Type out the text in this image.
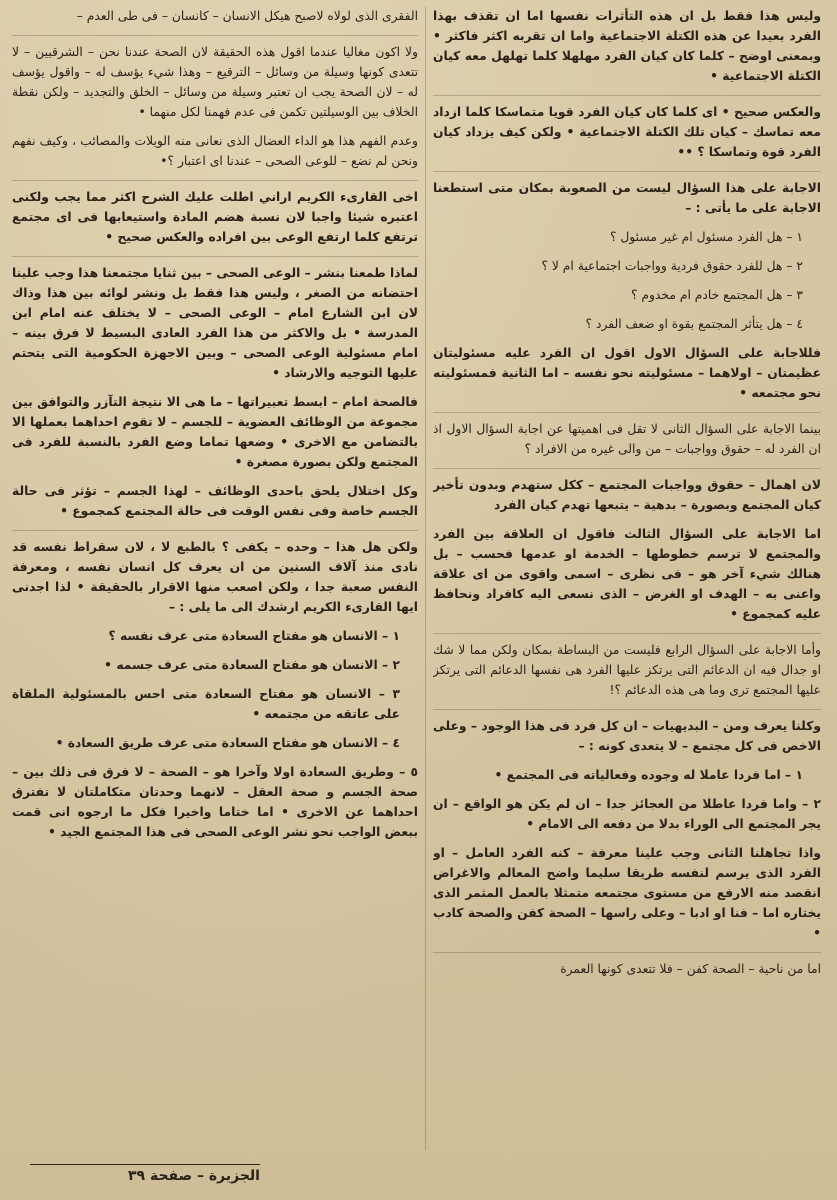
وليس هذا فقط بل ان هذه التأثرات نفسها اما ان تقذف بهذا الفرد بعيدا عن هذه الكتلة الاجتماعية واما ان تقربه اكثر فاكثر • وبمعنى اوضح – كلما كان كيان الفرد مهلهلا كلما تهلهل معه كيان الكتلة الاجتماعية •

والعكس صحيح • اى كلما كان كيان الفرد قويا متماسكا كلما ازداد معه تماسك – كيان تلك الكتلة الاجتماعية • ولكن كيف يزداد كيان الفرد قوة وتماسكا ؟ ••

الاجابة على هذا السؤال ليست من الصعوبة بمكان متى استطعنا الاجابة على ما يأتى : –

١ – هل الفرد مسئول ام غير مسئول ؟

٢ – هل للفرد حقوق فردية وواجبات اجتماعية ام لا ؟

٣ – هل المجتمع خادم ام مخدوم ؟

٤ – هل يتأثر المجتمع بقوة او ضعف الفرد ؟

فللاجابة على السؤال الاول اقول ان الفرد عليه مسئوليتان عظيمتان – اولاهما – مسئوليته نحو نفسه – اما الثانية فمسئوليته نحو مجتمعه •

بينما الاجابة على السؤال الثانى لا تقل فى اهميتها عن اجابة السؤال الاول اذ ان الفرد له – حقوق وواجبات – من والى غيره من الافراد ؟

لان اهمال – حقوق وواجبات المجتمع – ككل ستهدم وبدون تأخير كيان المجتمع وبصورة – بدهية – يتبعها تهدم كيان الفرد

اما الاجابة على السؤال الثالث فاقول ان العلاقة بين الفرد والمجتمع لا ترسم خطوطها – الخدمة او عدمها فحسب – بل هنالك شيء آخر هو – فى نظرى – اسمى واقوى من اى علاقة واعنى به – الهدف او الغرض – الذى نسعى اليه كافراد ونحافظ عليه كمجموع •

وأما الاجابة على السؤال الرابع فليست من البساطة بمكان ولكن مما لا شك او جدال فيه ان الدعائم التى يرتكز عليها الفرد هى نفسها الدعائم التى يرتكز عليها المجتمع ترى وما هى هذه الدعائم ؟!

وكلنا يعرف ومن – البديهيات – ان كل فرد فى هذا الوجود – وعلى الاخص فى كل مجتمع – لا يتعدى كونه : –

١ – اما فردا عاملا له وجوده وفعالياته فى المجتمع •

٢ – واما فردا عاطلا من العجائز جدا – ان لم يكن هو الواقع – ان يجر المجتمع الى الوراء بدلا من دفعه الى الامام •

واذا تجاهلنا الثانى وجب علينا معرفة – كنه الفرد العامل – او الفرد الذى يرسم لنفسه طريقا سليما واضح المعالم والاغراض انقصد منه الارفع من مستوى مجتمعه متمثلا بالعمل المثمر الذى يختاره اما – فنا او ادبا – وعلى راسها – الصحة كفن والصحة كادب •

اما من ناحية – الصحة كفن – فلا تتعدى كونها العمرة

الفقرى الذى لولاه لاصبح هيكل الانسان – كانسان – فى طى العدم –

ولا اكون مغاليا عندما اقول هذه الحقيقة لان الصحة عندنا نحن – الشرقيين – لا تتعدى كونها وسيلة من وسائل – الترقيع – وهذا شيء يؤسف له – واقول يؤسف له – لان الصحة يجب ان تعتبر وسيلة من وسائل – الخلق والتجديد – ولكن نقطة الخلاف بين الوسيلتين تكمن فى عدم فهمنا لكل منهما •

وعدم الفهم هذا هو الداء العضال الذى نعانى منه الويلات والمصائب ، وكيف نفهم ونحن لم نضع – للوعى الصحى – عندنا اى اعتبار ؟•

اخى القارىء الكريم اراني اطلت عليك الشرح اكثر مما يجب ولكنى اعتبره شيئا واجبا لان نسبة هضم المادة واستيعابها فى اى مجتمع ترتفع كلما ارتفع الوعى بين افراده والعكس صحيح •

لماذا طمعنا بنشر – الوعى الصحى – بين ثنايا مجتمعنا هذا وجب علينا احتضانه من الصغر ، وليس هذا فقط بل ونشر لوائه بين هذا وذاك لان ابن الشارع امام – الوعى الصحى – لا يختلف عنه امام ابن المدرسة • بل والاكثر من هذا الفرد العادى البسيط لا فرق بينه – امام مسئولية الوعى الصحى – وبين الاجهزة الحكومية التى يتحتم عليها التوجيه والارشاد •

فالصحة امام – ابسط تعبيراتها – ما هى الا نتيجة التآزر والتوافق بين مجموعة من الوظائف العضوية – للجسم – لا تقوم احداهما بعملها الا بالتضامن مع الاخرى • وضعها تماما وضع الفرد بالنسبة للفرد فى المجتمع ولكن بصورة مصغرة •

وكل اختلال يلحق باحدى الوظائف – لهذا الجسم – تؤثر فى حالة الجسم خاصة وفى نفس الوقت فى حالة المجتمع كمجموع •

ولكن هل هذا – وحده – يكفى ؟ بالطبع لا ، لان سقراط نفسه قد نادى منذ آلاف السنين من ان يعرف كل انسان نفسه ، ومعرفة النفس صعبة جدا ، ولكن اصعب منها الاقرار بالحقيقة • لذا اجدنى ايها القارىء الكريم ارشدك الى ما يلى : –

١ – الانسان هو مفتاح السعادة متى عرف نفسه ؟

٢ – الانسان هو مفتاح السعادة متى عرف جسمه •

٣ – الانسان هو مفتاح السعادة متى احس بالمسئولية الملقاة على عاتقه من مجتمعه •

٤ – الانسان هو مفتاح السعادة متى عرف طريق السعادة •

٥ – وطريق السعادة اولا وآخرا هو – الصحة – لا فرق فى ذلك بين – صحة الجسم و صحة العقل – لانهما وحدتان متكاملتان لا تفترق احداهما عن الاخرى • اما ختاما واخيرا فكل ما ارجوه انى قمت ببعض الواجب نحو نشر الوعى الصحى فى هذا المجتمع الجيد •

الجزيرة – صفحة ٣٩
